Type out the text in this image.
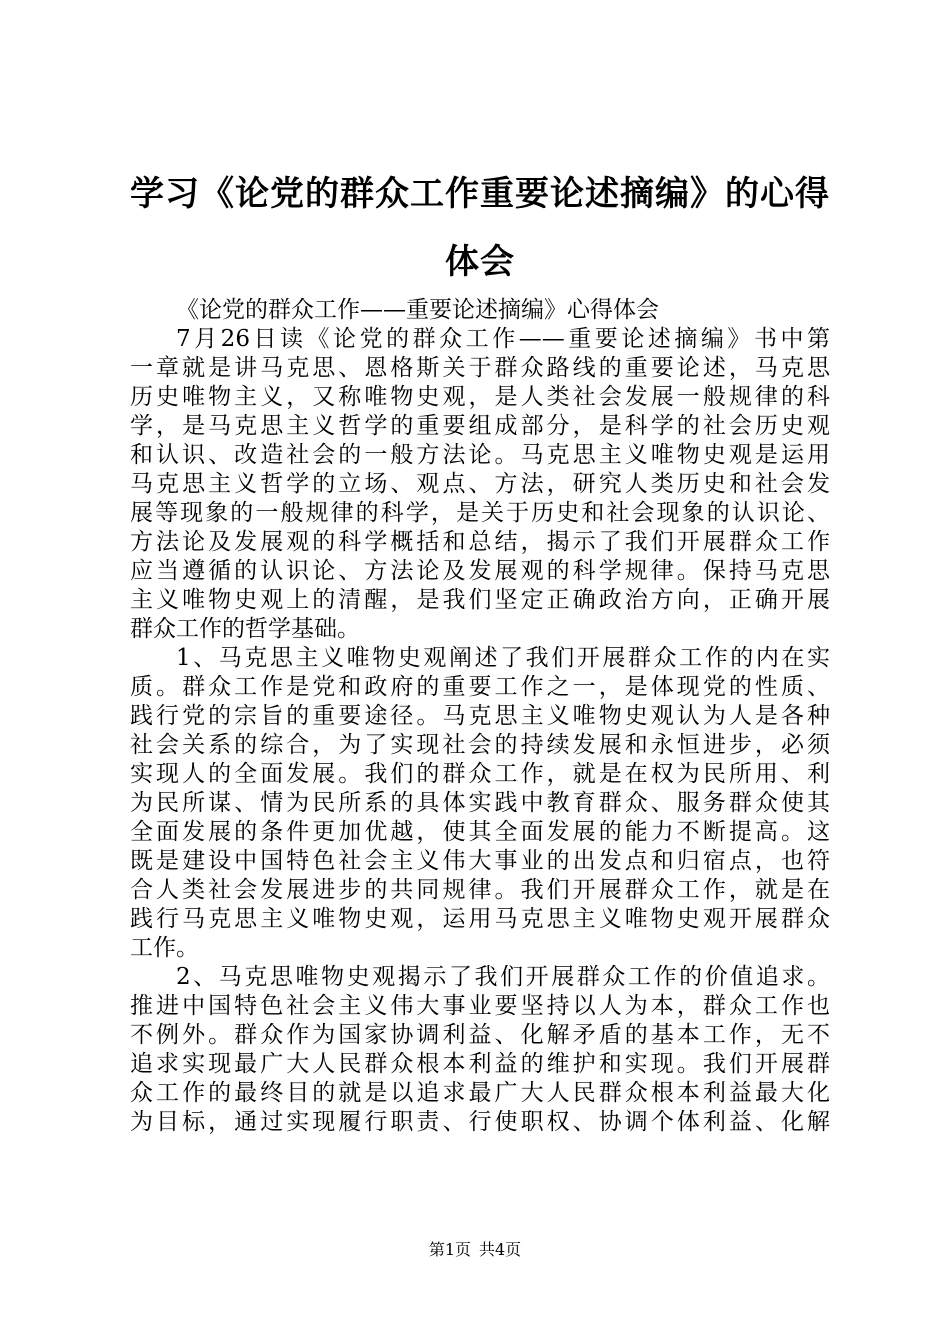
学习《论党的群众工作重要论述摘编》的心得
体会
《论党的群众工作——重要论述摘编》心得体会
7月26日读《论党的群众工作——重要论述摘编》书中第
一章就是讲马克思、恩格斯关于群众路线的重要论述，马克思
历史唯物主义，又称唯物史观，是人类社会发展一般规律的科
学，是马克思主义哲学的重要组成部分，是科学的社会历史观
和认识、改造社会的一般方法论。马克思主义唯物史观是运用
马克思主义哲学的立场、观点、方法，研究人类历史和社会发
展等现象的一般规律的科学，是关于历史和社会现象的认识论、
方法论及发展观的科学概括和总结，揭示了我们开展群众工作
应当遵循的认识论、方法论及发展观的科学规律。保持马克思
主义唯物史观上的清醒，是我们坚定正确政治方向，正确开展
群众工作的哲学基础。
1、马克思主义唯物史观阐述了我们开展群众工作的内在实
质。群众工作是党和政府的重要工作之一，是体现党的性质、
践行党的宗旨的重要途径。马克思主义唯物史观认为人是各种
社会关系的综合，为了实现社会的持续发展和永恒进步，必须
实现人的全面发展。我们的群众工作，就是在权为民所用、利
为民所谋、情为民所系的具体实践中教育群众、服务群众使其
全面发展的条件更加优越，使其全面发展的能力不断提高。这
既是建设中国特色社会主义伟大事业的出发点和归宿点，也符
合人类社会发展进步的共同规律。我们开展群众工作，就是在
践行马克思主义唯物史观，运用马克思主义唯物史观开展群众
工作。
2、马克思唯物史观揭示了我们开展群众工作的价值追求。
推进中国特色社会主义伟大事业要坚持以人为本，群众工作也
不例外。群众作为国家协调利益、化解矛盾的基本工作，无不
追求实现最广大人民群众根本利益的维护和实现。我们开展群
众工作的最终目的就是以追求最广大人民群众根本利益最大化
为目标，通过实现履行职责、行使职权、协调个体利益、化解
第1页 共4页
